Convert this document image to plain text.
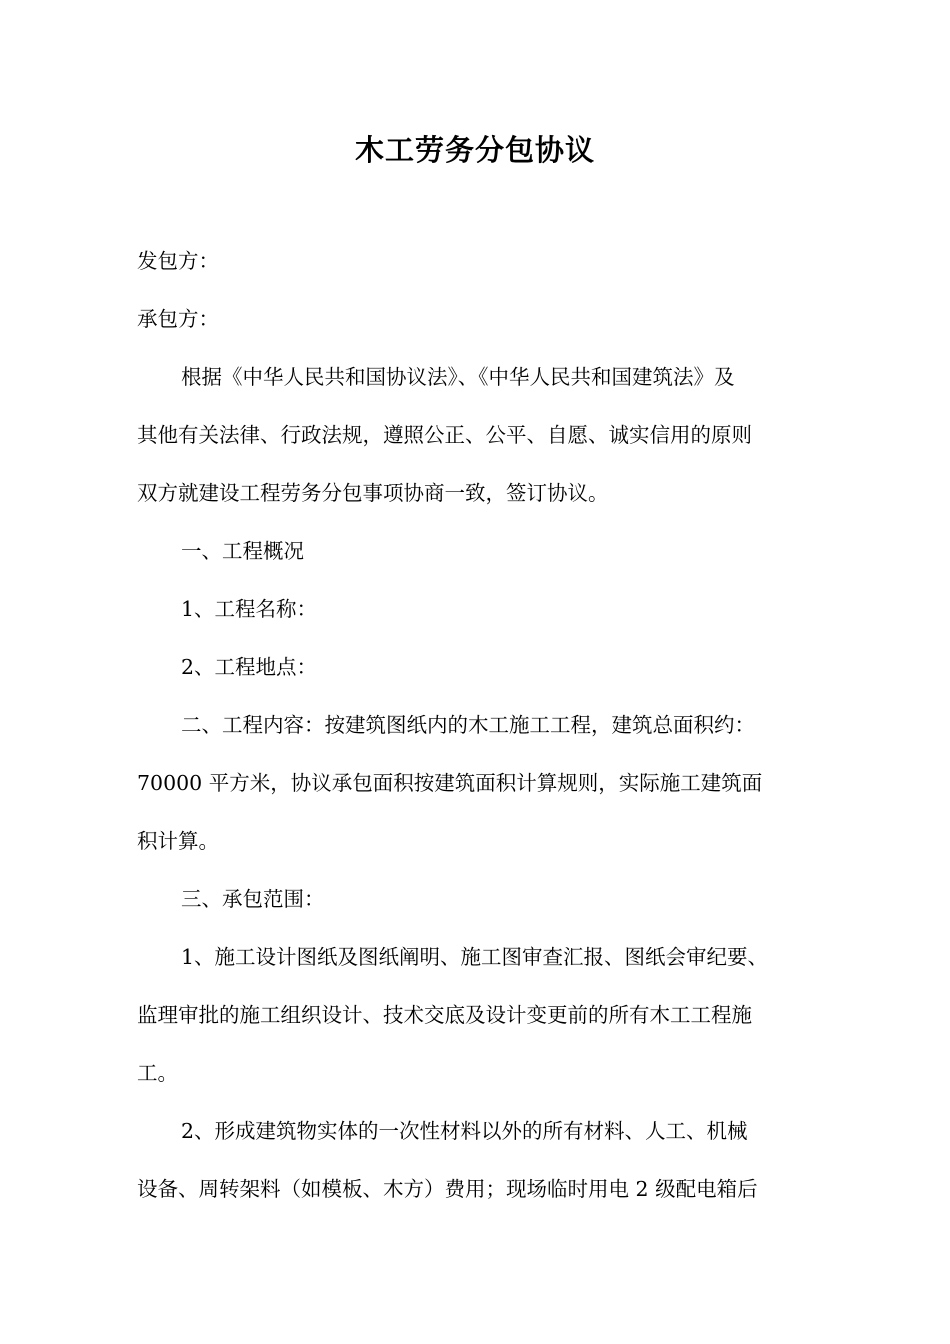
木工劳务分包协议

发包方：

承包方：

根据《中华人民共和国协议法》、《中华人民共和国建筑法》及

其他有关法律、行政法规，遵照公正、公平、自愿、诚实信用的原则

双方就建设工程劳务分包事项协商一致，签订协议。

一、工程概况

1、工程名称：

2、工程地点：

二、工程内容：按建筑图纸内的木工施工工程，建筑总面积约：

70000 平方米，协议承包面积按建筑面积计算规则，实际施工建筑面

积计算。

三、承包范围：

1、施工设计图纸及图纸阐明、施工图审查汇报、图纸会审纪要、

监理审批的施工组织设计、技术交底及设计变更前的所有木工工程施

工。

2、形成建筑物实体的一次性材料以外的所有材料、人工、机械

设备、周转架料（如模板、木方）费用；现场临时用电 2 级配电箱后
